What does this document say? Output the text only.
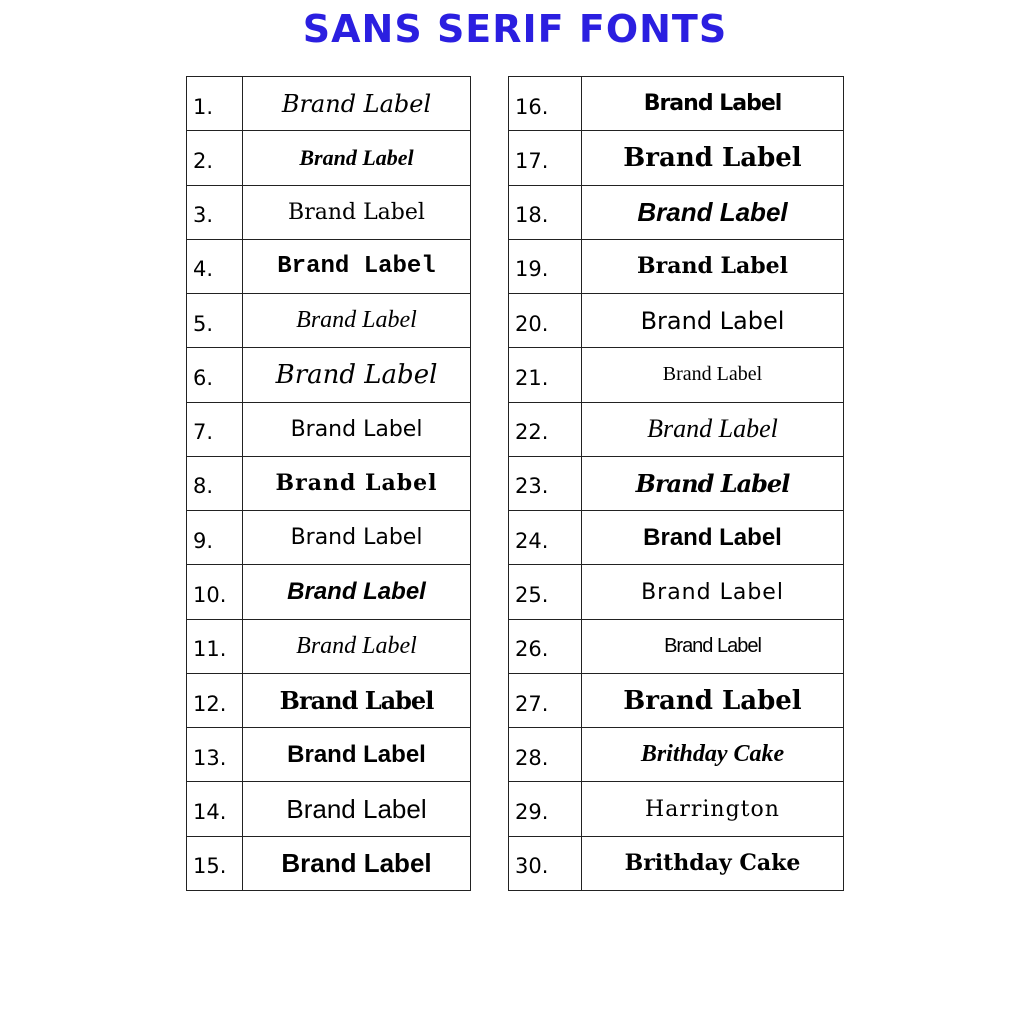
SANS SERIF FONTS
1.	Brand Label
2.	Brand Label
3.	Brand Label
4.	Brand Label
5.	Brand Label
6.	Brand Label
7.	Brand Label
8.	Brand Label
9.	Brand Label
10.	Brand Label
11.	Brand Label
12.	Brand Label
13.	Brand Label
14.	Brand Label
15.	Brand Label
16.	Brand Label
17.	Brand Label
18.	Brand Label
19.	Brand Label
20.	Brand Label
21.	Brand Label
22.	Brand Label
23.	Brand Label
24.	Brand Label
25.	Brand Label
26.	Brand Label
27.	Brand Label
28.	Brithday Cake
29.	Harrington
30.	Brithday Cake
